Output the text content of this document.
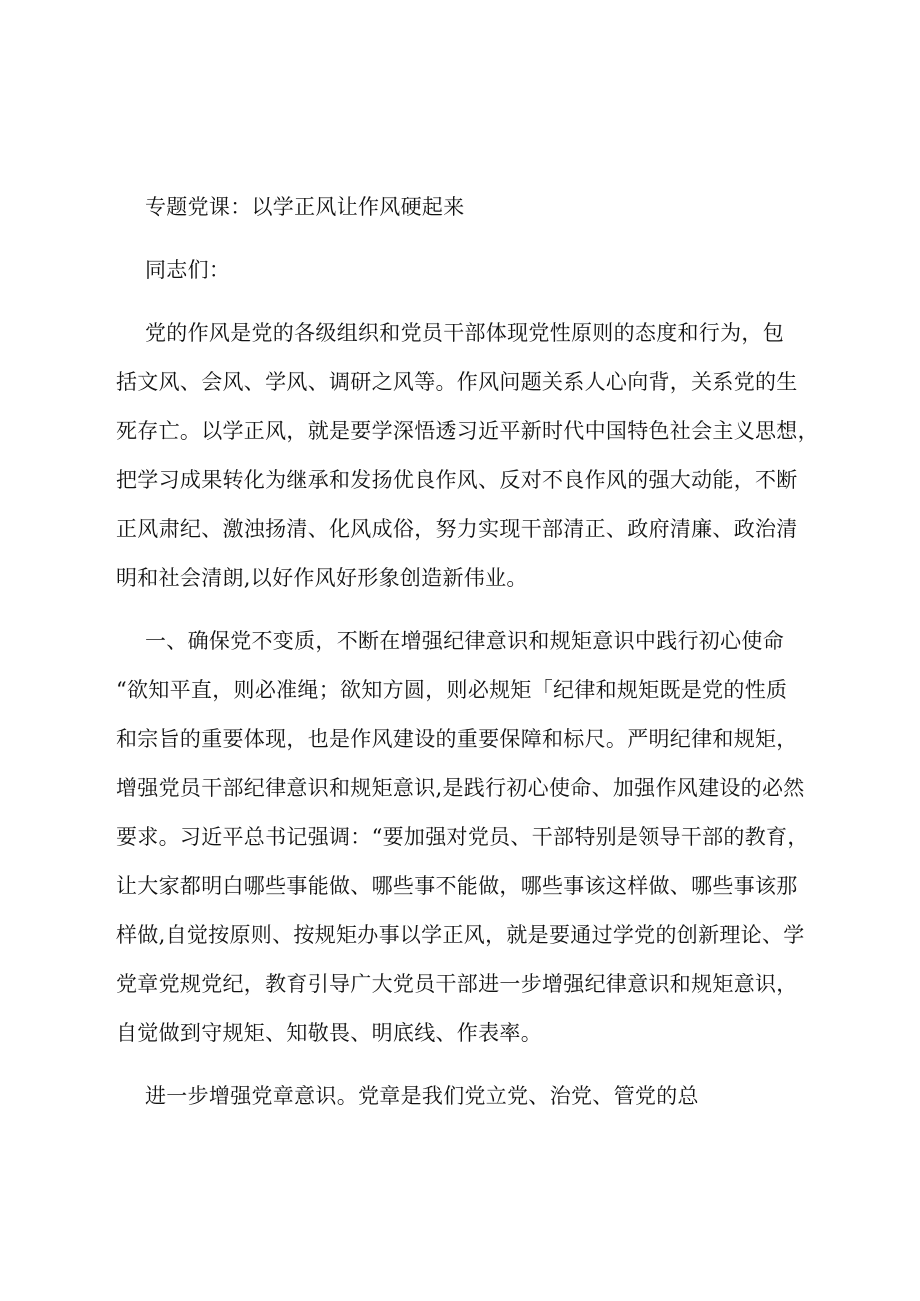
专题党课：以学正风让作风硬起来

同志们：

党的作风是党的各级组织和党员干部体现党性原则的态度和行为，包

括文风、会风、学风、调研之风等。作风问题关系人心向背，关系党的生

死存亡。以学正风，就是要学深悟透习近平新时代中国特色社会主义思想，

把学习成果转化为继承和发扬优良作风、反对不良作风的强大动能，不断

正风肃纪、激浊扬清、化风成俗，努力实现干部清正、政府清廉、政治清

明和社会清朗,以好作风好形象创造新伟业。

一、确保党不变质，不断在增强纪律意识和规矩意识中践行初心使命

“欲知平直，则必准绳；欲知方圆，则必规矩「纪律和规矩既是党的性质

和宗旨的重要体现，也是作风建设的重要保障和标尺。严明纪律和规矩，

增强党员干部纪律意识和规矩意识,是践行初心使命、加强作风建设的必然

要求。习近平总书记强调：“要加强对党员、干部特别是领导干部的教育，

让大家都明白哪些事能做、哪些事不能做，哪些事该这样做、哪些事该那

样做,自觉按原则、按规矩办事以学正风，就是要通过学党的创新理论、学

党章党规党纪，教育引导广大党员干部进一步增强纪律意识和规矩意识，

自觉做到守规矩、知敬畏、明底线、作表率。

进一步增强党章意识。党章是我们党立党、治党、管党的总
